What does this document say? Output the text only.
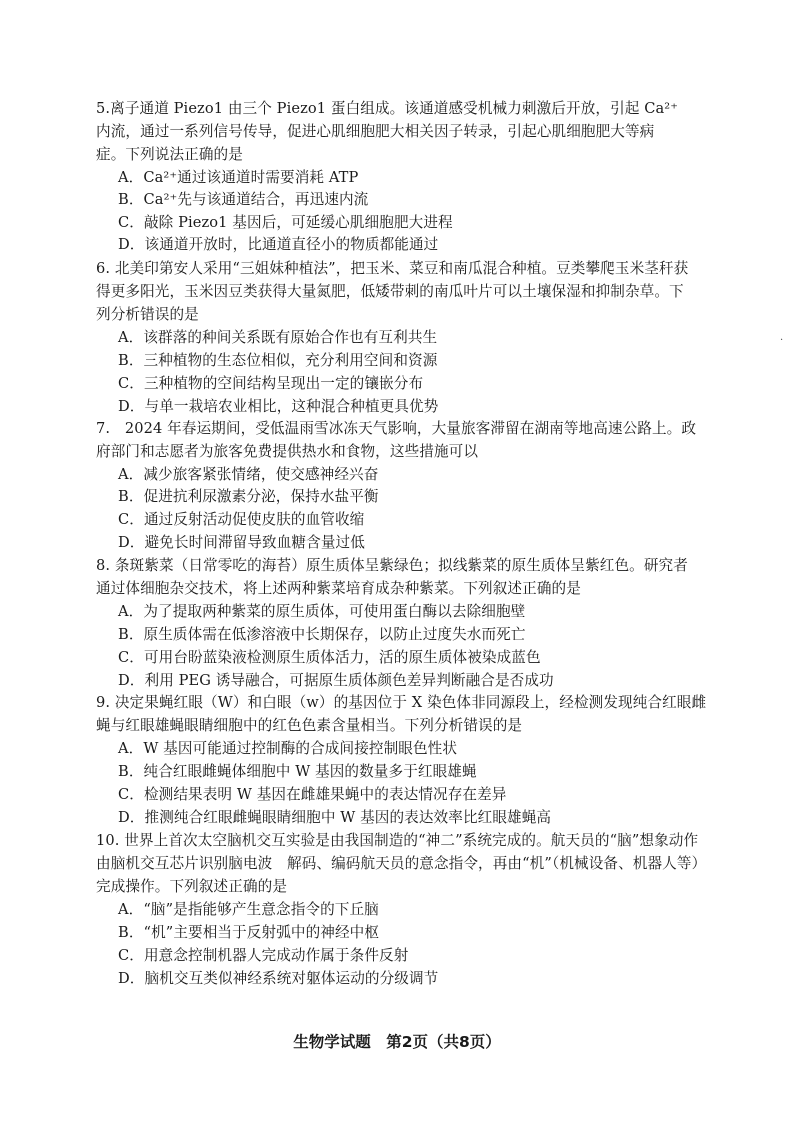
5.离子通道 Piezo1 由三个 Piezo1 蛋白组成。该通道感受机械力刺激后开放，引起 Ca²⁺
内流，通过一系列信号传导，促进心肌细胞肥大相关因子转录，引起心肌细胞肥大等病
症。下列说法正确的是
A．Ca²⁺通过该通道时需要消耗 ATP
B．Ca²⁺先与该通道结合，再迅速内流
C．敲除 Piezo1 基因后，可延缓心肌细胞肥大进程
D．该通道开放时，比通道直径小的物质都能通过
6. 北美印第安人采用“三姐妹种植法”，把玉米、菜豆和南瓜混合种植。豆类攀爬玉米茎秆获
得更多阳光，玉米因豆类获得大量氮肥，低矮带刺的南瓜叶片可以土壤保湿和抑制杂草。下
列分析错误的是
A．该群落的种间关系既有原始合作也有互利共生
B．三种植物的生态位相似，充分利用空间和资源
C．三种植物的空间结构呈现出一定的镶嵌分布
D．与单一栽培农业相比，这种混合种植更具优势
7.　2024 年春运期间，受低温雨雪冰冻天气影响，大量旅客滞留在湖南等地高速公路上。政
府部门和志愿者为旅客免费提供热水和食物，这些措施可以
A．减少旅客紧张情绪，使交感神经兴奋
B．促进抗利尿激素分泌，保持水盐平衡
C．通过反射活动促使皮肤的血管收缩
D．避免长时间滞留导致血糖含量过低
8. 条斑紫菜（日常零吃的海苔）原生质体呈紫绿色；拟线紫菜的原生质体呈紫红色。研究者
通过体细胞杂交技术，将上述两种紫菜培育成杂种紫菜。下列叙述正确的是
A．为了提取两种紫菜的原生质体，可使用蛋白酶以去除细胞壁
B．原生质体需在低渗溶液中长期保存，以防止过度失水而死亡
C．可用台盼蓝染液检测原生质体活力，活的原生质体被染成蓝色
D．利用 PEG 诱导融合，可据原生质体颜色差异判断融合是否成功
9. 决定果蝇红眼（W）和白眼（w）的基因位于 X 染色体非同源段上，经检测发现纯合红眼雌
蝇与红眼雄蝇眼睛细胞中的红色色素含量相当。下列分析错误的是
A．W 基因可能通过控制酶的合成间接控制眼色性状
B．纯合红眼雌蝇体细胞中 W 基因的数量多于红眼雄蝇
C．检测结果表明 W 基因在雌雄果蝇中的表达情况存在差异
D．推测纯合红眼雌蝇眼睛细胞中 W 基因的表达效率比红眼雄蝇高
10. 世界上首次太空脑机交互实验是由我国制造的“神二”系统完成的。航天员的“脑”想象动作
由脑机交互芯片识别脑电波　解码、编码航天员的意念指令，再由“机”（机械设备、机器人等）
完成操作。下列叙述正确的是
A．“脑”是指能够产生意念指令的下丘脑
B．“机”主要相当于反射弧中的神经中枢
C．用意念控制机器人完成动作属于条件反射
D．脑机交互类似神经系统对躯体运动的分级调节
·
生物学试题　第2页（共8页）
